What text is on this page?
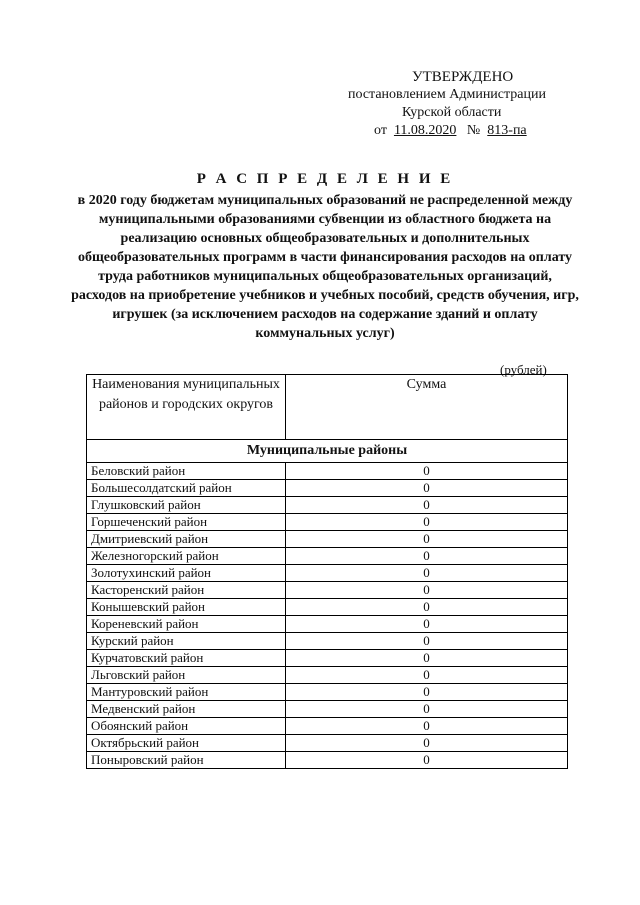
УТВЕРЖДЕНО
постановлением Администрации
Курской области
от 11.08.2020 № 813-па
Р А С П Р Е Д Е Л Е Н И Е
в 2020 году бюджетам муниципальных образований не распределенной между муниципальными образованиями субвенции из областного бюджета на реализацию основных общеобразовательных и дополнительных общеобразовательных программ в части финансирования расходов на оплату труда работников муниципальных общеобразовательных организаций, расходов на приобретение учебников и учебных пособий, средств обучения, игр, игрушек (за исключением расходов на содержание зданий и оплату коммунальных услуг)
(рублей)
Наименования муниципальных районов и городских округов	Сумма
Муниципальные районы	
Беловский район	0
Большесолдатский район	0
Глушковский район	0
Горшеченский район	0
Дмитриевский район	0
Железногорский район	0
Золотухинский район	0
Касторенский район	0
Конышевский район	0
Кореневский район	0
Курский район	0
Курчатовский район	0
Льговский район	0
Мантуровский район	0
Медвенский район	0
Обоянский район	0
Октябрьский район	0
Поныровский район	0
